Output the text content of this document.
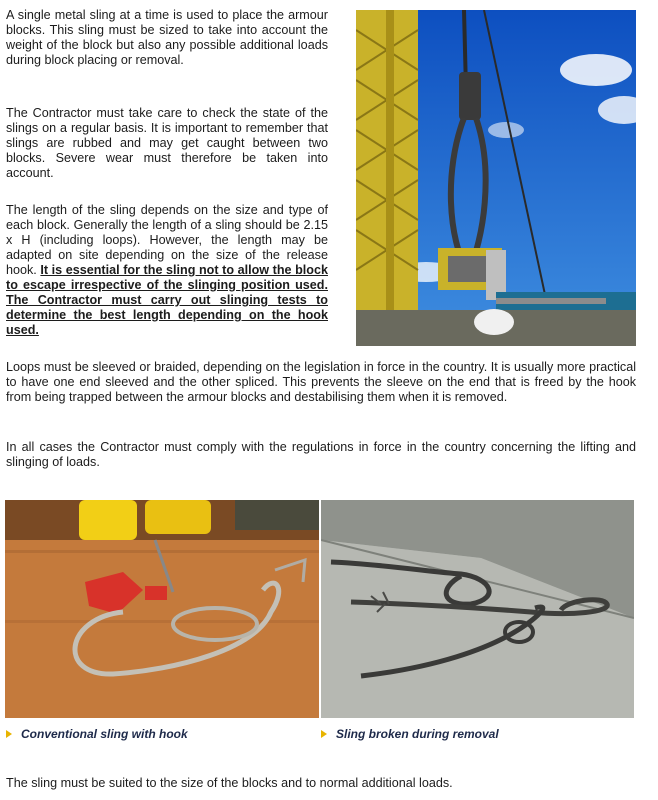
A single metal sling at a time is used to place the armour blocks. This sling must be sized to take into account the weight of the block but also any possible additional loads during block placing or removal.

The Contractor must take care to check the state of the slings on a regular basis. It is important to remember that slings are rubbed and may get caught between two blocks. Severe wear must therefore be taken into account.

The length of the sling depends on the size and type of each block. Generally the length of a sling should be 2.15 x H (including loops). However, the length may be adapted on site depending on the size of the release hook. It is essential for the sling not to allow the block to escape irrespective of the slinging position used. The Contractor must carry out slinging tests to determine the best length depending on the hook used.

Loops must be sleeved or braided, depending on the legislation in force in the country. It is usually more practical to have one end sleeved and the other spliced. This prevents the sleeve on the end that is freed by the hook from being trapped between the armour blocks and destabilising them when it is removed.

In all cases the Contractor must comply with the regulations in force in the country concerning the lifting and slinging of loads.

Conventional sling with hook	Sling broken during removal

The sling must be suited to the size of the blocks and to normal additional loads.
